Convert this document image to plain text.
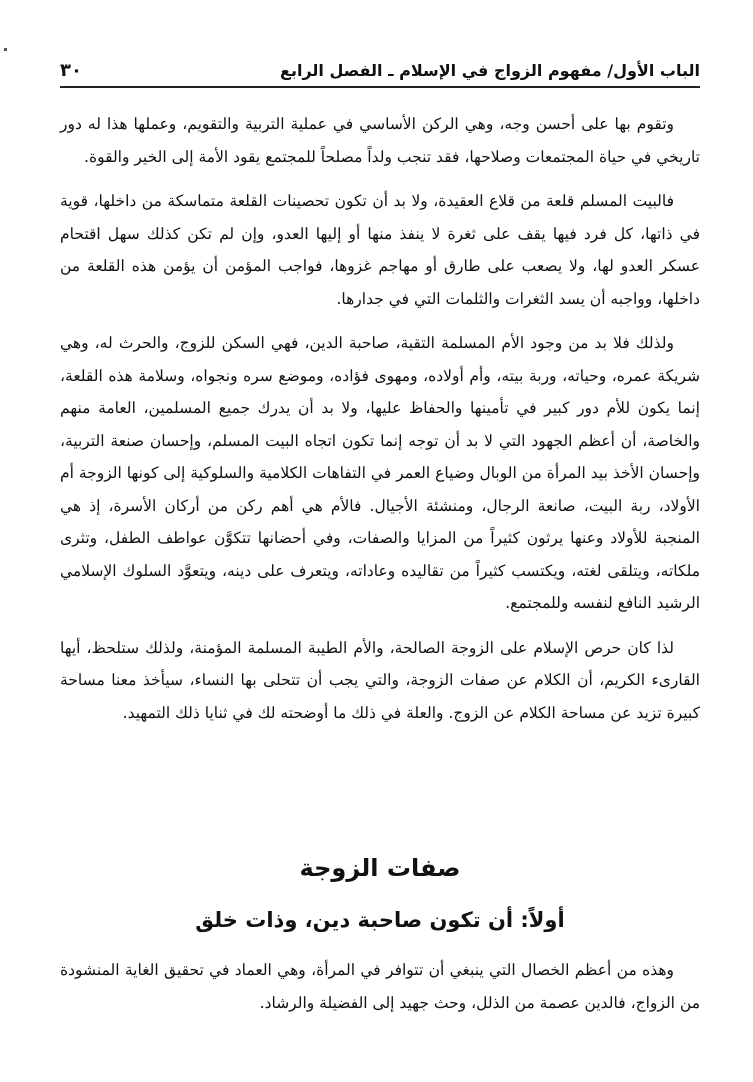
الباب الأول/ مفهوم الزواج في الإسلام ـ الفصل الرابع
٣٠

وتقوم بها على أحسن وجه، وهي الركن الأساسي في عملية التربية والتقويم، وعملها هذا له دور تاريخي في حياة المجتمعات وصلاحها، فقد تنجب ولداً مصلحاً للمجتمع يقود الأمة إلى الخير والقوة.

فالبيت المسلم قلعة من قلاع العقيدة، ولا بد أن تكون تحصينات القلعة متماسكة من داخلها، قوية في ذاتها، كل فرد فيها يقف على ثغرة لا ينفذ منها أو إليها العدو، وإن لم تكن كذلك سهل اقتحام عسكر العدو لها، ولا يصعب على طارق أو مهاجم غزوها، فواجب المؤمن أن يؤمن هذه القلعة من داخلها، وواجبه أن يسد الثغرات والثلمات التي في جدارها.

ولذلك فلا بد من وجود الأم المسلمة التقية، صاحبة الدين، فهي السكن للزوج، والحرث له، وهي شريكة عمره، وحياته، وربة بيته، وأم أولاده، ومهوى فؤاده، وموضع سره ونجواه، وسلامة هذه القلعة، إنما يكون للأم دور كبير في تأمينها والحفاظ عليها، ولا بد أن يدرك جميع المسلمين، العامة منهم والخاصة، أن أعظم الجهود التي لا بد أن توجه إنما تكون اتجاه البيت المسلم، وإحسان صنعة التربية، وإحسان الأخذ بيد المرأة من الوبال وضياع العمر في التفاهات الكلامية والسلوكية إلى كونها الزوجة أم الأولاد، ربة البيت، صانعة الرجال، ومنشئة الأجيال. فالأم هي أهم ركن من أركان الأسرة، إذ هي المنجبة للأولاد وعنها يرثون كثيراً من المزايا والصفات، وفي أحضانها تتكوَّن عواطف الطفل، وتثرى ملكاته، ويتلقى لغته، ويكتسب كثيراً من تقاليده وعاداته، ويتعرف على دينه، ويتعوَّد السلوك الإسلامي الرشيد النافع لنفسه وللمجتمع.

لذا كان حرص الإسلام على الزوجة الصالحة، والأم الطيبة المسلمة المؤمنة، ولذلك ستلحظ، أيها القارىء الكريم، أن الكلام عن صفات الزوجة، والتي يجب أن تتحلى بها النساء، سيأخذ معنا مساحة كبيرة تزيد عن مساحة الكلام عن الزوج. والعلة في ذلك ما أوضحته لك في ثنايا ذلك التمهيد.

صفات الزوجة
أولاً: أن تكون صاحبة دين، وذات خلق

وهذه من أعظم الخصال التي ينبغي أن تتوافر في المرأة، وهي العماد في تحقيق الغاية المنشودة من الزواج، فالدين عصمة من الذلل، وحث جهيد إلى الفضيلة والرشاد.
